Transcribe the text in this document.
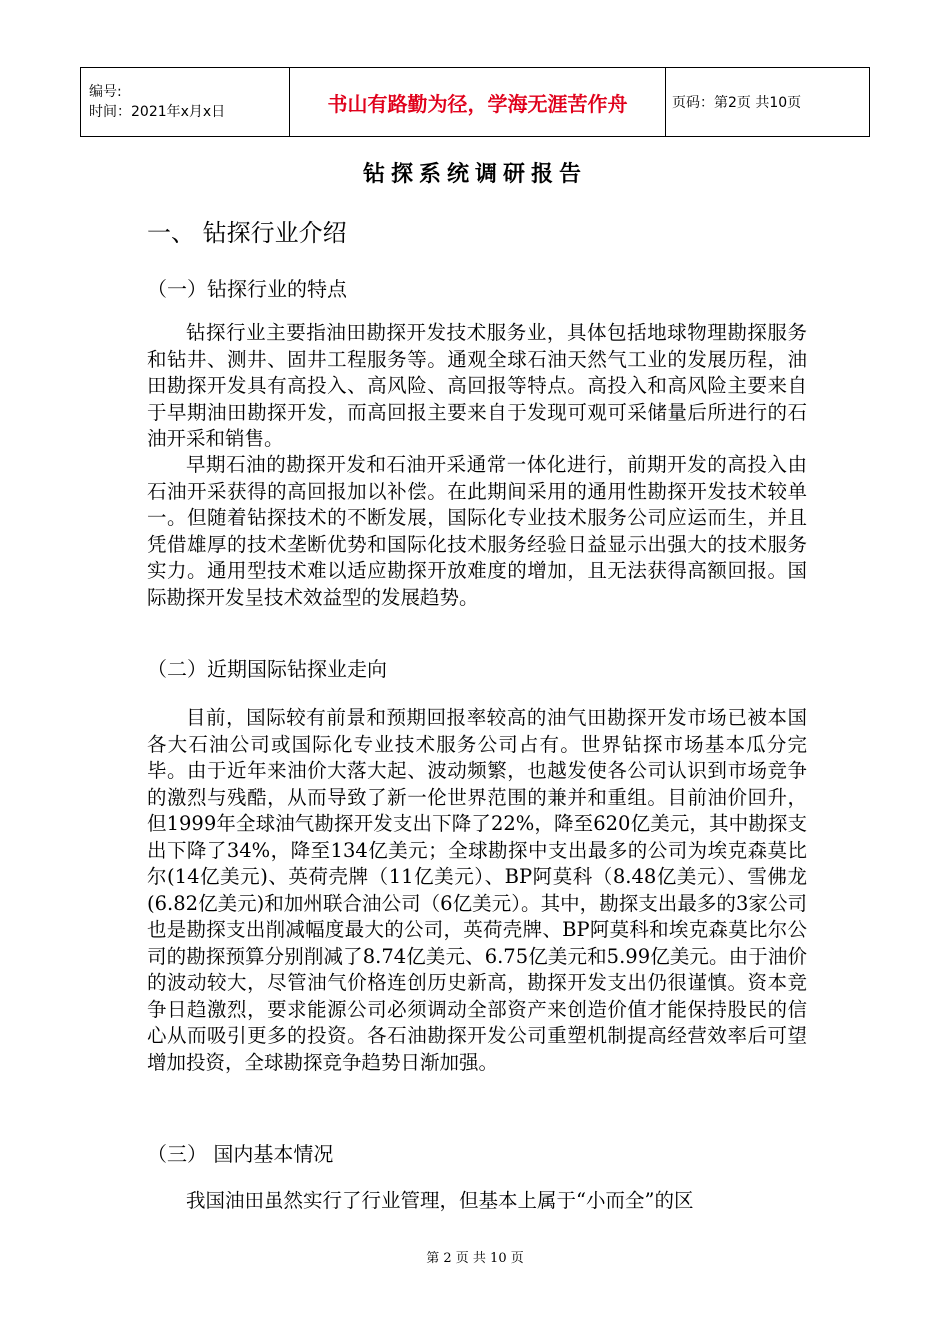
编号:
时间：2021年x月x日	书山有路勤为径，学海无涯苦作舟	页码：第2页 共10页
钻探系统调研报告
一、 钻探行业介绍
（一）钻探行业的特点
钻探行业主要指油田勘探开发技术服务业，具体包括地球物理勘探服务和钻井、测井、固井工程服务等。通观全球石油天然气工业的发展历程，油田勘探开发具有高投入、高风险、高回报等特点。高投入和高风险主要来自于早期油田勘探开发，而高回报主要来自于发现可观可采储量后所进行的石油开采和销售。
早期石油的勘探开发和石油开采通常一体化进行，前期开发的高投入由石油开采获得的高回报加以补偿。在此期间采用的通用性勘探开发技术较单一。但随着钻探技术的不断发展，国际化专业技术服务公司应运而生，并且凭借雄厚的技术垄断优势和国际化技术服务经验日益显示出强大的技术服务实力。通用型技术难以适应勘探开放难度的增加，且无法获得高额回报。国际勘探开发呈技术效益型的发展趋势。
（二）近期国际钻探业走向
目前，国际较有前景和预期回报率较高的油气田勘探开发市场已被本国各大石油公司或国际化专业技术服务公司占有。世界钻探市场基本瓜分完毕。由于近年来油价大落大起、波动频繁，也越发使各公司认识到市场竞争的激烈与残酷，从而导致了新一伦世界范围的兼并和重组。目前油价回升，但1999年全球油气勘探开发支出下降了22%，降至620亿美元，其中勘探支出下降了34%，降至134亿美元；全球勘探中支出最多的公司为埃克森莫比尔(14亿美元)、英荷壳牌（11亿美元）、BP阿莫科（8.48亿美元）、雪佛龙(6.82亿美元)和加州联合油公司（6亿美元）。其中，勘探支出最多的3家公司也是勘探支出削减幅度最大的公司，英荷壳牌、BP阿莫科和埃克森莫比尔公司的勘探预算分别削减了8.74亿美元、6.75亿美元和5.99亿美元。由于油价的波动较大，尽管油气价格连创历史新高，勘探开发支出仍很谨慎。资本竞争日趋激烈，要求能源公司必须调动全部资产来创造价值才能保持股民的信心从而吸引更多的投资。各石油勘探开发公司重塑机制提高经营效率后可望增加投资，全球勘探竞争趋势日渐加强。
（三） 国内基本情况
我国油田虽然实行了行业管理，但基本上属于“小而全”的区
第 2 页 共 10 页
